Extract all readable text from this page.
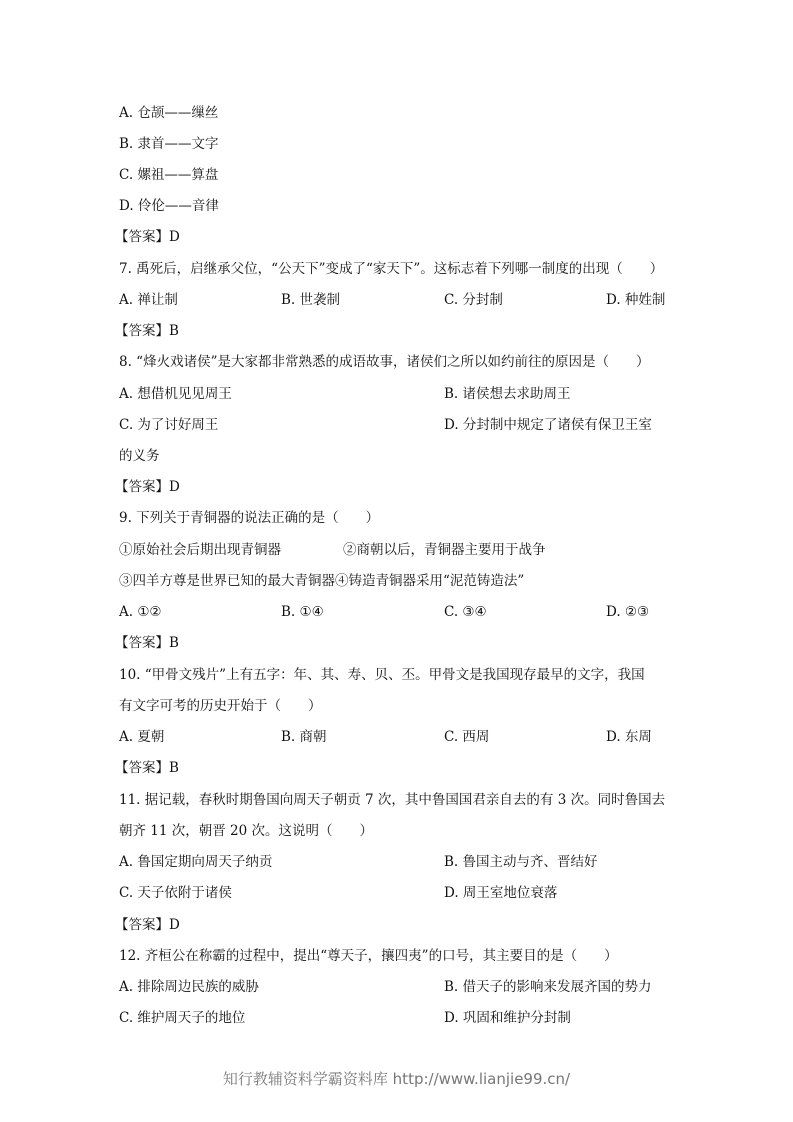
A. 仓颉——缫丝
B. 隶首——文字
C. 嫘祖——算盘
D. 伶伦——音律
【答案】D
7. 禹死后，启继承父位，“公天下”变成了“家天下”。这标志着下列哪一制度的出现（　　）
A. 禅让制	B. 世袭制	C. 分封制	D. 种姓制
【答案】B
8. “烽火戏诸侯”是大家都非常熟悉的成语故事，诸侯们之所以如约前往的原因是（　　）
A. 想借机见见周王	B. 诸侯想去求助周王
C. 为了讨好周王	D. 分封制中规定了诸侯有保卫王室
的义务
【答案】D
9. 下列关于青铜器的说法正确的是（　　）
①原始社会后期出现青铜器	②商朝以后，青铜器主要用于战争
③四羊方尊是世界已知的最大青铜器④铸造青铜器采用“泥范铸造法”
A. ①②	B. ①④	C. ③④	D. ②③
【答案】B
10. “甲骨文残片”上有五字：年、其、寿、贝、丕。甲骨文是我国现存最早的文字，我国
有文字可考的历史开始于（　　）
A. 夏朝	B. 商朝	C. 西周	D. 东周
【答案】B
11. 据记载，春秋时期鲁国向周天子朝贡 7 次，其中鲁国国君亲自去的有 3 次。同时鲁国去
朝齐 11 次，朝晋 20 次。这说明（　　）
A. 鲁国定期向周天子纳贡	B. 鲁国主动与齐、晋结好
C. 天子依附于诸侯	D. 周王室地位衰落
【答案】D
12. 齐桓公在称霸的过程中，提出“尊天子，攘四夷”的口号，其主要目的是（　　）
A. 排除周边民族的威胁	B. 借天子的影响来发展齐国的势力
C. 维护周天子的地位	D. 巩固和维护分封制
知行教辅资料学霸资料库 http://www.lianjie99.cn/
